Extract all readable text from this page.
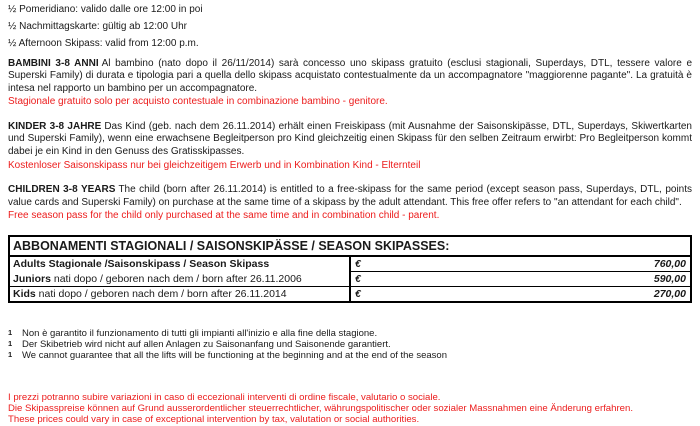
½ Pomeridiano: valido dalle ore 12:00 in poi

½ Nachmittagskarte: gültig ab 12:00 Uhr

½ Afternoon Skipass: valid from 12:00 p.m.

BAMBINI 3-8 ANNI Al bambino (nato dopo il 26/11/2014) sarà concesso uno skipass gratuito (esclusi stagionali, Superdays, DTL, tessere valore e Superski Family) di durata e tipologia pari a quella dello skipass acquistato contestualmente da un accompagnatore "maggiorenne pagante". La gratuità è intesa nel rapporto un bambino per un accompagnatore.

Stagionale gratuito solo per acquisto contestuale in combinazione bambino - genitore.

KINDER 3-8 JAHRE Das Kind (geb. nach dem 26.11.2014) erhält einen Freiskipass (mit Ausnahme der Saisonskipässe, DTL, Superdays, Skiwertkarten und Superski Family), wenn eine erwachsene Begleitperson pro Kind gleichzeitig einen Skipass für den selben Zeitraum erwirbt: Pro Begleitperson kommt dabei je ein Kind in den Genuss des Gratisskipasses.

Kostenloser Saisonskipass nur bei gleichzeitigem Erwerb und in Kombination Kind - Elternteil

CHILDREN 3-8 YEARS The child (born after 26.11.2014) is entitled to a free-skipass for the same period (except season pass, Superdays, DTL, points value cards and Superski Family) on purchase at the same time of a skipass by the adult attendant. This free offer refers to "an attendant for each child".

Free season pass for the child only purchased at the same time and in combination child - parent.

ABBONAMENTI STAGIONALI / SAISONSKIPÄSSE / SEASON SKIPASSES:	
Adults Stagionale /Saisonskipass / Season Skipass	€ 760,00

Juniors nati dopo / geboren nach dem / born after 26.11.2006	€ 590,00

Kids nati dopo / geboren nach dem / born after 26.11.2014	€ 270,00

1	Non è garantito il funzionamento di tutti gli impianti all'inizio e alla fine della stagione.

1	Der Skibetrieb wird nicht auf allen Anlagen zu Saisonanfang und Saisonende garantiert.

1	We cannot guarantee that all the lifts will be functioning at the beginning and at the end of the season

I prezzi potranno subire variazioni in caso di eccezionali interventi di ordine fiscale, valutario o sociale.

Die Skipasspreise können auf Grund ausserordentlicher steuerrechtlicher, währungspolitischer oder sozialer Massnahmen eine Änderung erfahren.

These prices could vary in case of exceptional intervention by tax, valutation or social authorities.
